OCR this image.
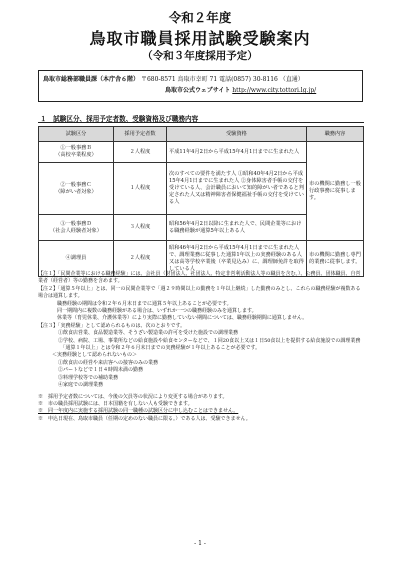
令和２年度
鳥取市職員採用試験受験案内
（令和３年度採用予定）
鳥取市総務部職員課（本庁舎６階） 〒680-8571 鳥取市幸町 71 電話(0857) 30-8116 （直通）
鳥取市公式ウェブサイト http://www.city.tottori.lg.jp/
１　試験区分、採用予定者数、受験資格及び職務内容
試験区分	採用予定者数	受験資格	職務内容

①一般事務Ｂ
（高校卒業程度）	２人程度	平成11年4月2日から平成15年4月1日までに生まれた人	市の機関に勤務し一般行政事務に従事します。

②一般事務Ｃ
（障がい者対象）	１人程度	次のすべての要件を満たす人 ①昭和40年4月2日から平成15年4月1日までに生まれた人 ②身体障害者手帳の交付を受けている人、会計職員において知的障がい者であると判定された人又は精神障害者保健福祉手帳の交付を受けている人	

③一般事務Ｄ
（社会人経験者対象）	３人程度	昭和56年4月2日以降に生まれた人で、民間企業等における職務経験が通算5年以上ある人	

④調理員	２人程度	昭和46年4月2日から平成15年4月1日までに生まれた人で、調理業務に従事した通算1年以上の実務経験のある人 又は高等学校卒業後（卒業見込み）に、調理師免許を取得している人	市の機関に勤務し専門的業務に従事します。

【注１】「民間企業等における職務経験」には、会社員（財団法人、社団法人、特定非営利活動法人等の職員を含む。）、公務員、団体職員、自営業者（経営者）等の勤務を含めます。

【注２】「通算５年以上」とは、同一の民間企業等で「週２９時間以上の勤務を１年以上継続」した勤務のみとし、これらの職務経験が複数ある場合は通算します。

　職務経験の期間は令和２年６月末日までに通算５年以上あることが必要です。

　同一期間内に複数の職務経験がある場合は、いずれか一つの職務経験のみを通算します。

　休業等（育児休業、介護休業等）により実際に勤務していない期間については、職務経験期間に通算しません。

【注３】「実務経験」として認められるものは、次のとおりです。

①飲食店営業、食品製造業等、そうざい製造業の許可を受けた施設での調理業務

②学校、病院、工場、事業所などの給食施設や給食センターなどで、１回20食以上又は１日50食以上を提供する給食施設での調理業務

　「通算１年以上」とは令和２年６月末日までの実務経験が１年以上あることが必要です。

＜実務経験として認められないもの＞

①飲食店の経営や来店客への接客のみの業務

②パートなどで１日４時間未満の勤務

③料理学校等での補助業務

④家庭での調理業務

※　採用予定者数については、今後の欠員等の状況により変更する場合があります。

※　市の職員採用試験には、日本国籍を有しない人も受験できます。

※　同一年度内に実施する採用試験の同一職種の試験区分に申し込むことはできません。

※　申込日現在、鳥取市職員（任期の定めのない職員に限る。）である人は、受験できません。

- 1 -
